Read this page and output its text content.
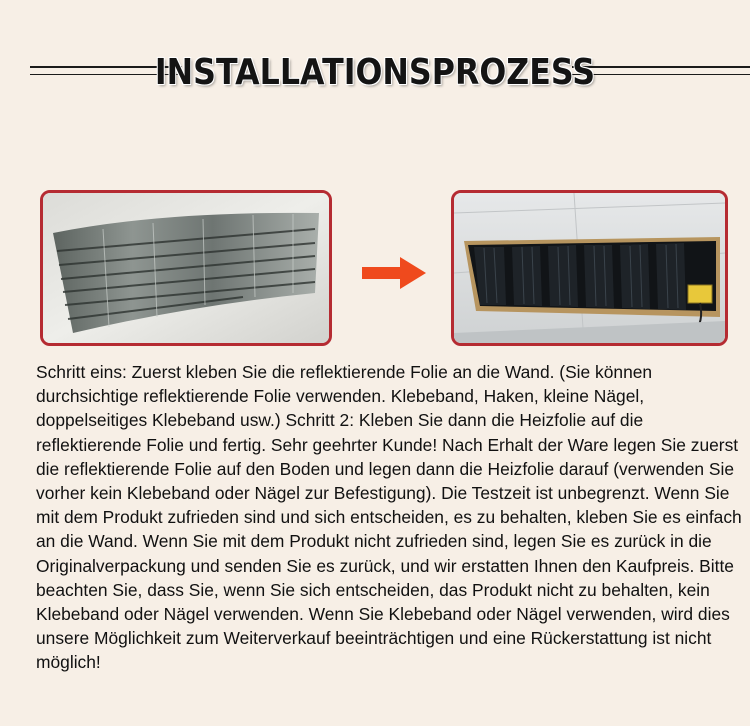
INSTALLATIONSPROZESS

Schritt eins: Zuerst kleben Sie die reflektierende Folie an die Wand. (Sie können durchsichtige reflektierende Folie verwenden. Klebeband, Haken, kleine Nägel, doppelseitiges Klebeband usw.) Schritt 2: Kleben Sie dann die Heizfolie auf die reflektierende Folie und fertig. Sehr geehrter Kunde! Nach Erhalt der Ware legen Sie zuerst die reflektierende Folie auf den Boden und legen dann die Heizfolie darauf (verwenden Sie vorher kein Klebeband oder Nägel zur Befestigung). Die Testzeit ist unbegrenzt. Wenn Sie mit dem Produkt zufrieden sind und sich entscheiden, es zu behalten, kleben Sie es einfach an die Wand. Wenn Sie mit dem Produkt nicht zufrieden sind, legen Sie es zurück in die Originalverpackung und senden Sie es zurück, und wir erstatten Ihnen den Kaufpreis. Bitte beachten Sie, dass Sie, wenn Sie sich entscheiden, das Produkt nicht zu behalten, kein Klebeband oder Nägel verwenden. Wenn Sie Klebeband oder Nägel verwenden, wird dies unsere Möglichkeit zum Weiterverkauf beeinträchtigen und eine Rückerstattung ist nicht möglich!
